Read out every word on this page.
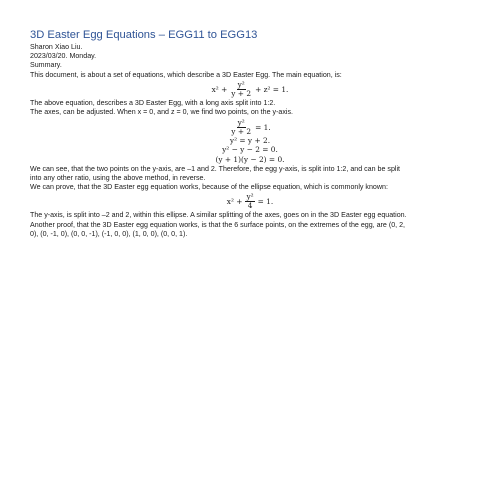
3D Easter Egg Equations – EGG11 to EGG13
Sharon Xiao Liu.
2023/03/20. Monday.
Summary.
This document, is about a set of equations, which describe a 3D Easter Egg. The main equation, is:
$x^2 + \frac{\text{y²}}{y + 2} + z^2 = 1$.
The above equation, describes a 3D Easter Egg, with a long axis split into 1:2.
The axes, can be adjusted. When x = 0, and z = 0, we find two points, on the y-axis.
$\frac{\text{y²}}{y + 2} = 1$.
y² = y + 2.
y² − y − 2 = 0.
(y + 1)(y − 2) = 0.
We can see, that the two points on the y-axis, are –1 and 2. Therefore, the egg y-axis, is split into 1:2, and can be split
into any other ratio, using the above method, in reverse.
We can prove, that the 3D Easter egg equation works, because of the ellipse equation, which is commonly known:
$x^2 + \frac{\text{y²}}{4} = 1$.
The y-axis, is split into –2 and 2, within this ellipse. A similar splitting of the axes, goes on in the 3D Easter egg equation.
Another proof, that the 3D Easter egg equation works, is that the 6 surface points, on the extremes of the egg, are (0, 2,
0), (0, -1, 0), (0, 0, -1), (-1, 0, 0), (1, 0, 0), (0, 0, 1).
